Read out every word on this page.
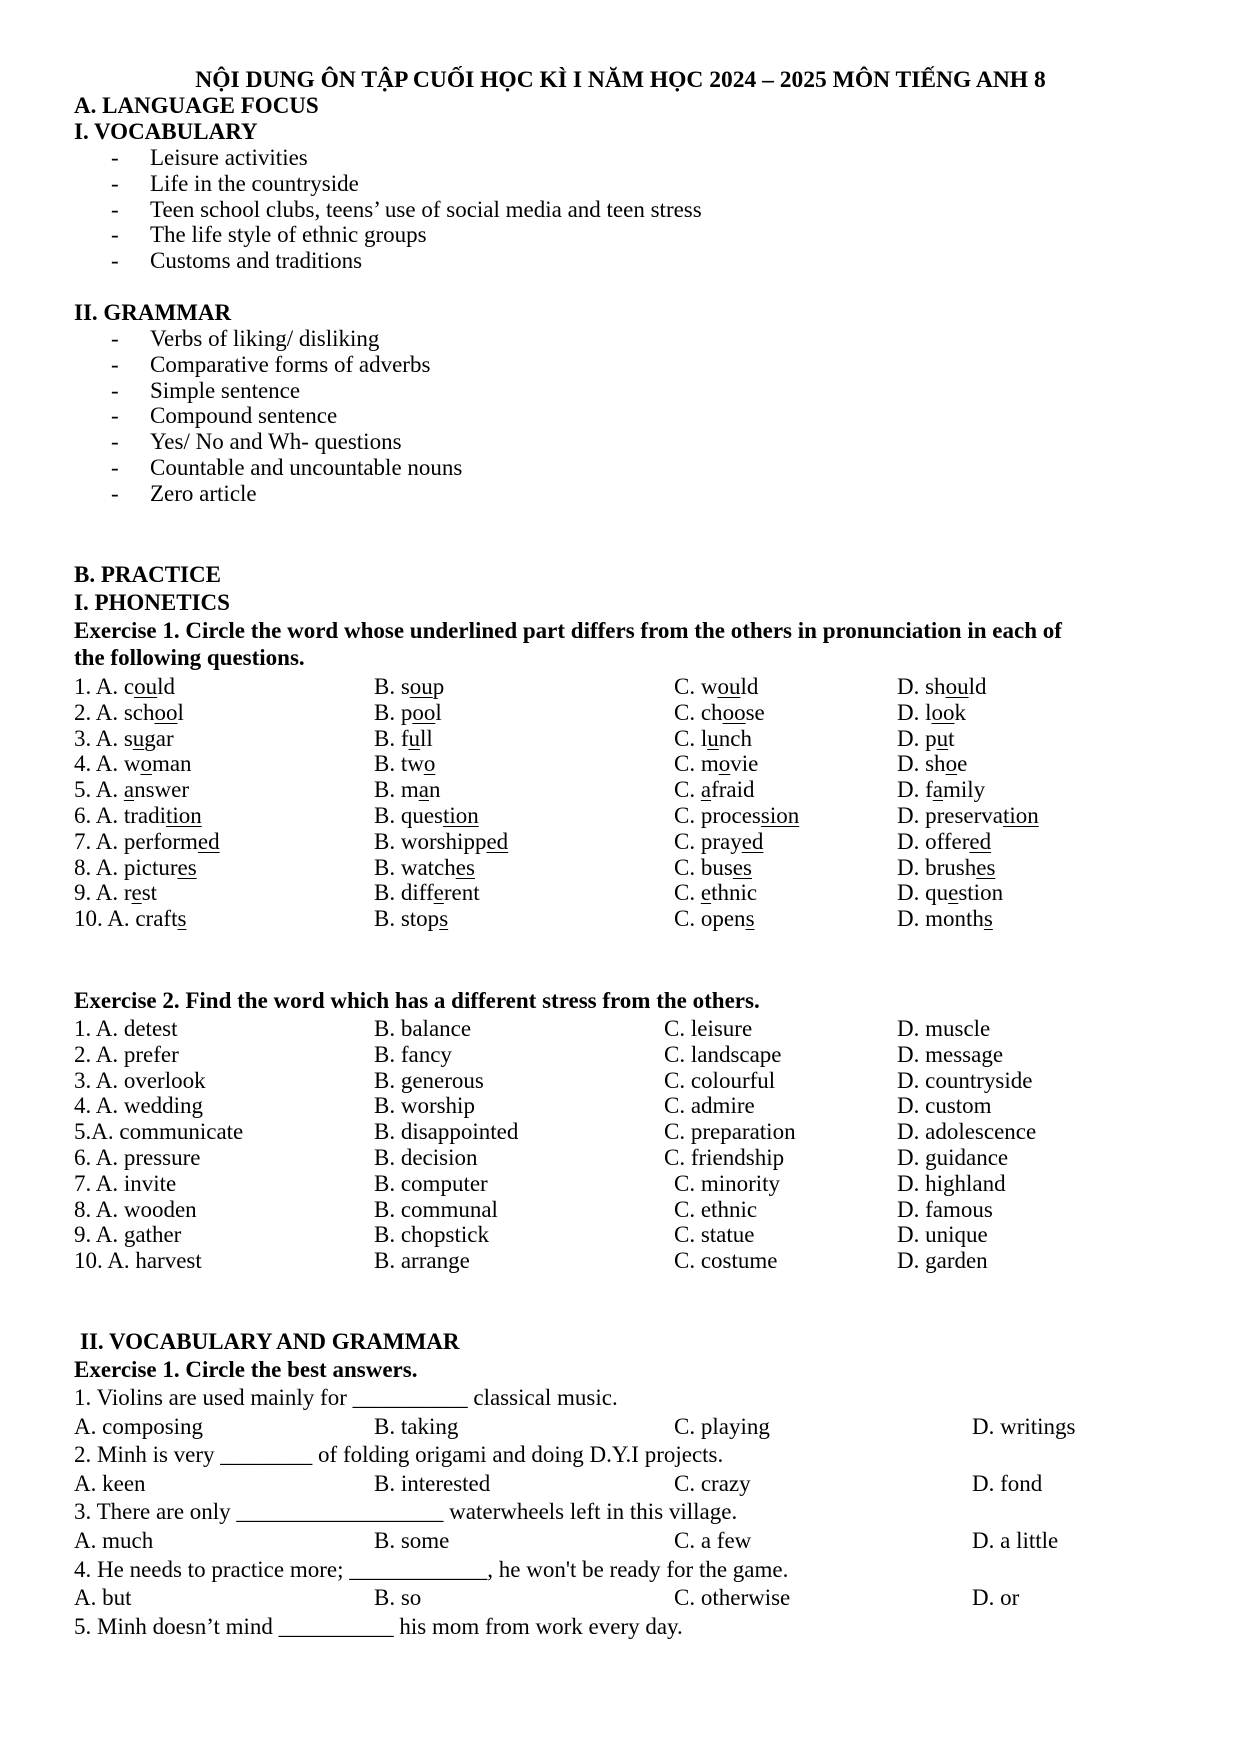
NỘI DUNG ÔN TẬP CUỐI HỌC KÌ I NĂM HỌC 2024 – 2025 MÔN TIẾNG ANH 8
A. LANGUAGE FOCUS
I. VOCABULARY
- Leisure activities
- Life in the countryside
- Teen school clubs, teens’ use of social media and teen stress
- The life style of ethnic groups
- Customs and traditions
II. GRAMMAR
- Verbs of liking/ disliking
- Comparative forms of adverbs
- Simple sentence
- Compound sentence
- Yes/ No and Wh- questions
- Countable and uncountable nouns
- Zero article
B. PRACTICE
I. PHONETICS
Exercise 1. Circle the word whose underlined part differs from the others in pronunciation in each of
the following questions.
1. A. could	B. soup	C. would	D. should
2. A. school	B. pool	C. choose	D. look
3. A. sugar	B. full	C. lunch	D. put
4. A. woman	B. two	C. movie	D. shoe
5. A. answer	B. man	C. afraid	D. family
6. A. tradition	B. question	C. procession	D. preservation
7. A. performed	B. worshipped	C. prayed	D. offered
8. A. pictures	B. watches	C. buses	D. brushes
9. A. rest	B. different	C. ethnic	D. question
10. A. crafts	B. stops	C. opens	D. months
Exercise 2. Find the word which has a different stress from the others.
1. A. detest	B. balance	C. leisure	D. muscle
2. A. prefer	B. fancy	C. landscape	D. message
3. A. overlook	B. generous	C. colourful	D. countryside
4. A. wedding	B. worship	C. admire	D. custom
5.A. communicate	B. disappointed	C. preparation	D. adolescence
6. A. pressure	B. decision	C. friendship	D. guidance
7. A. invite	B. computer	C. minority	D. highland
8. A. wooden	B. communal	C. ethnic	D. famous
9. A. gather	B. chopstick	C. statue	D. unique
10. A. harvest	B. arrange	C. costume	D. garden
II. VOCABULARY AND GRAMMAR
Exercise 1. Circle the best answers.
1. Violins are used mainly for __________ classical music.
A. composing	B. taking	C. playing	D. writings
2. Minh is very ________ of folding origami and doing D.Y.I projects.
A. keen	B. interested	C. crazy	D. fond
3. There are only __________________ waterwheels left in this village.
A. much	B. some	C. a few	D. a little
4. He needs to practice more; ____________, he won't be ready for the game.
A. but	B. so	C. otherwise	D. or
5. Minh doesn’t mind __________ his mom from work every day.
